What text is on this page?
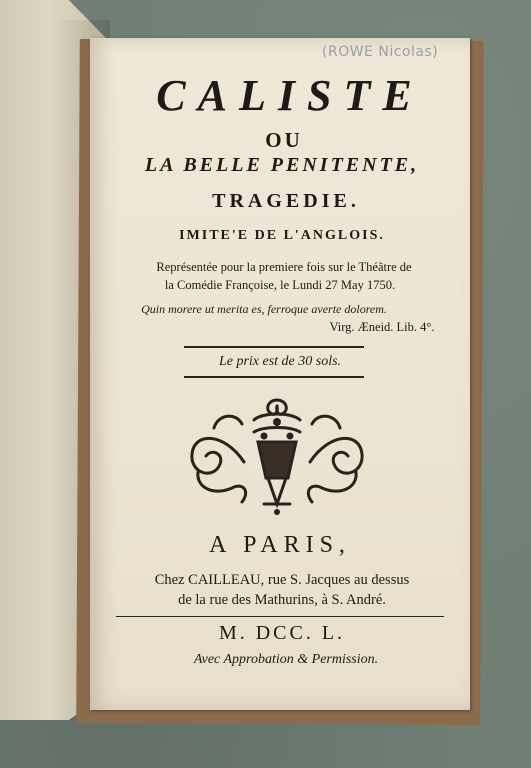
(ROWE Nicolas)
CALISTE
OU
LA BELLE PENITENTE,
TRAGEDIE.
IMITE'E DE L'ANGLOIS.
Représentée pour la premiere fois sur le Théâtre de
la Comédie Françoise, le Lundi 27 May 1750.
Quin morere ut merita es, ferroque averte dolorem.
Virg. Æneid. Lib. 4°.
Le prix est de 30 sols.
A PARIS,
Chez CAILLEAU, rue S. Jacques au dessus
de la rue des Mathurins, à S. André.
M. DCC. L.
Avec Approbation & Permission.
